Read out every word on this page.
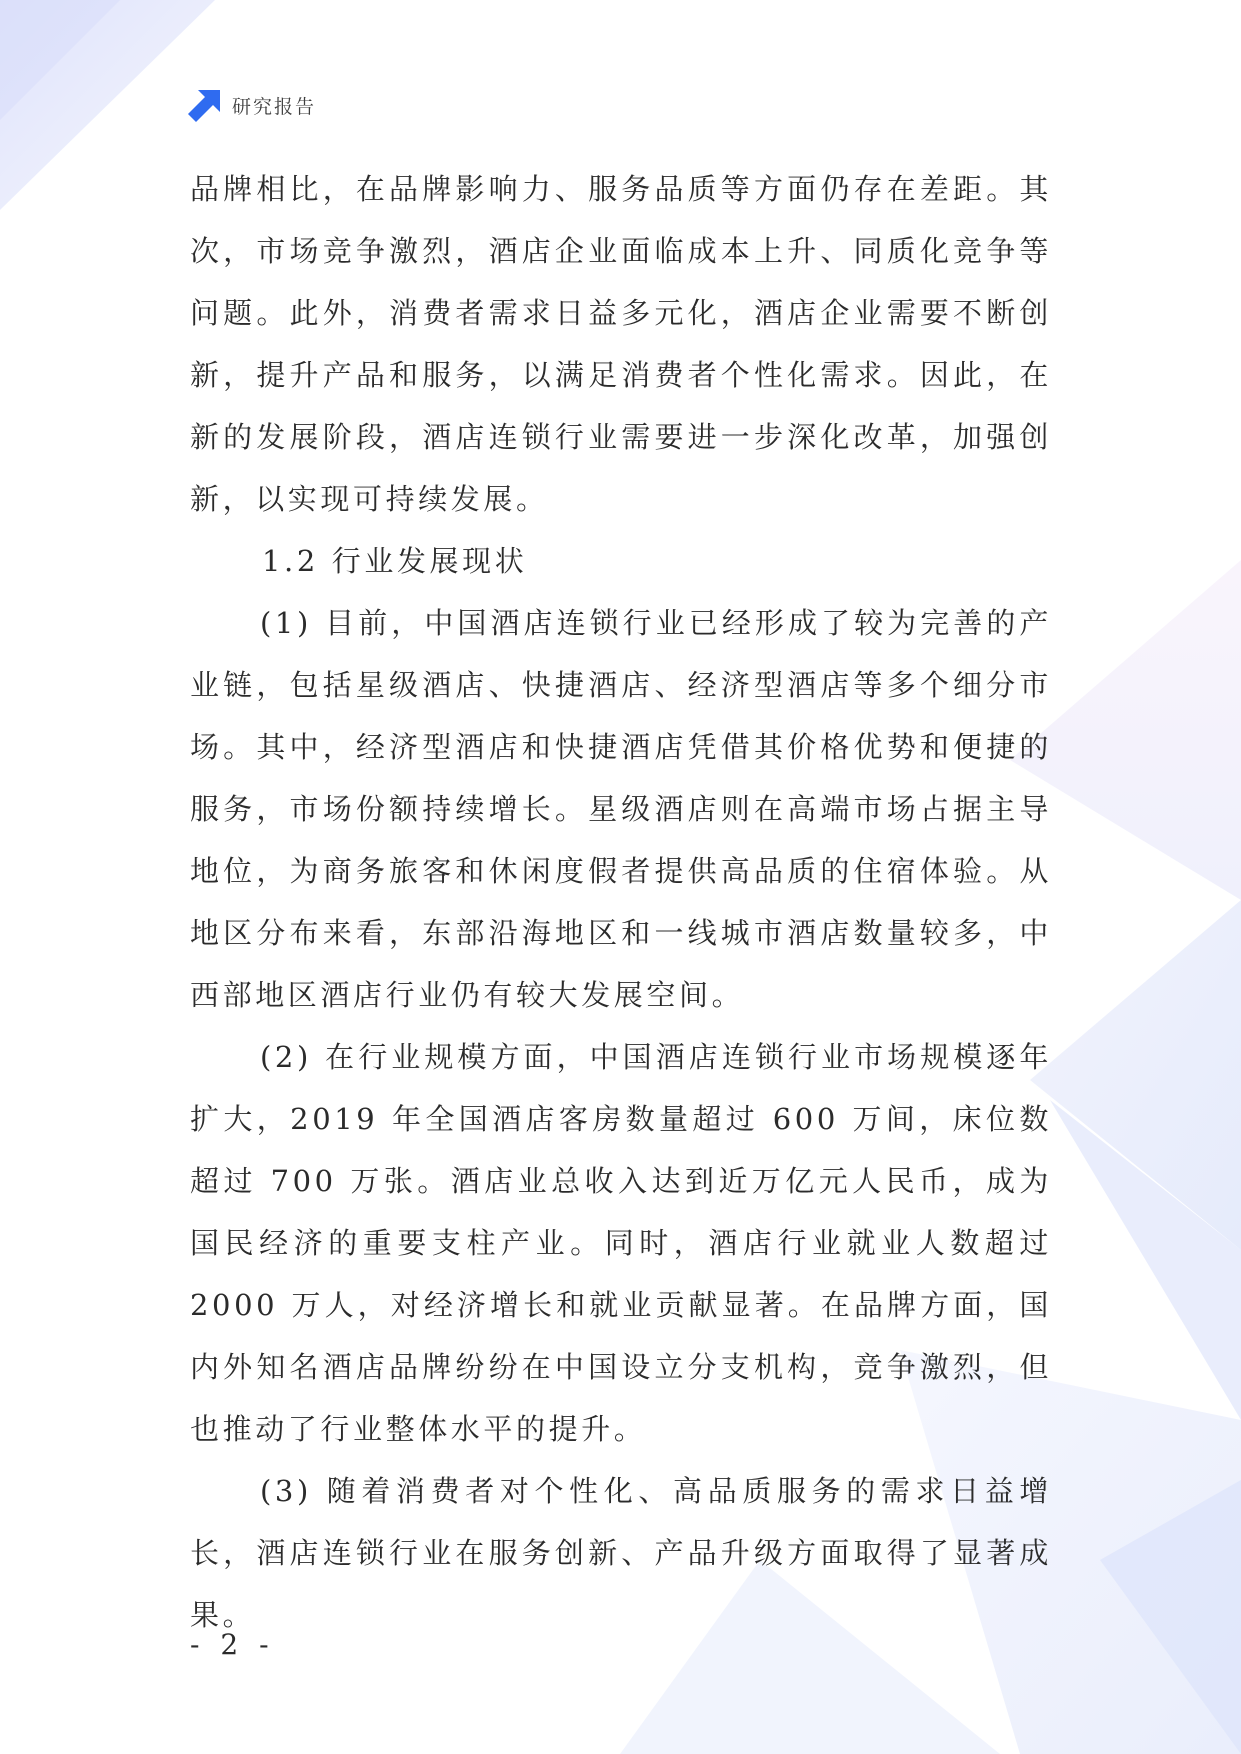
研究报告

品牌相比，在品牌影响力、服务品质等方面仍存在差距。其次，市场竞争激烈，酒店企业面临成本上升、同质化竞争等问题。此外，消费者需求日益多元化，酒店企业需要不断创新，提升产品和服务，以满足消费者个性化需求。因此，在新的发展阶段，酒店连锁行业需要进一步深化改革，加强创新，以实现可持续发展。

1.2 行业发展现状

(1) 目前，中国酒店连锁行业已经形成了较为完善的产业链，包括星级酒店、快捷酒店、经济型酒店等多个细分市场。其中，经济型酒店和快捷酒店凭借其价格优势和便捷的服务，市场份额持续增长。星级酒店则在高端市场占据主导地位，为商务旅客和休闲度假者提供高品质的住宿体验。从地区分布来看，东部沿海地区和一线城市酒店数量较多，中西部地区酒店行业仍有较大发展空间。

(2) 在行业规模方面，中国酒店连锁行业市场规模逐年扩大，2019 年全国酒店客房数量超过 600 万间，床位数超过 700 万张。酒店业总收入达到近万亿元人民币，成为国民经济的重要支柱产业。同时，酒店行业就业人数超过 2000 万人，对经济增长和就业贡献显著。在品牌方面，国内外知名酒店品牌纷纷在中国设立分支机构，竞争激烈，但也推动了行业整体水平的提升。

(3) 随着消费者对个性化、高品质服务的需求日益增长，酒店连锁行业在服务创新、产品升级方面取得了显著成果。

- 2 -
